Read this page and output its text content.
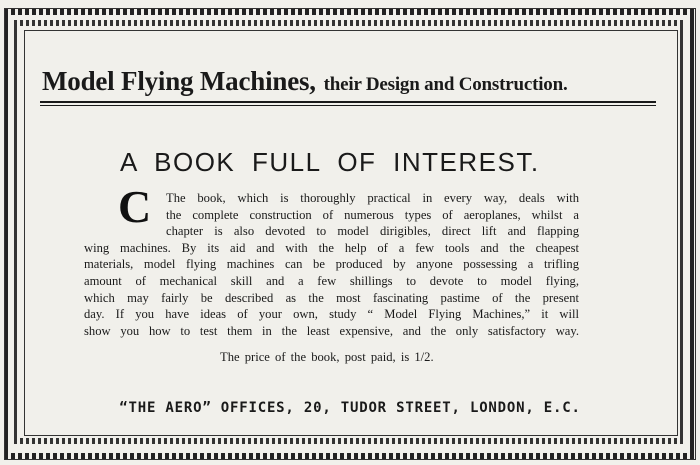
Model Flying Machines, their Design and Construction.
A BOOK FULL OF INTEREST.
C	The book, which is thoroughly practical in every way, deals with
the complete construction of numerous types of aeroplanes, whilst a
chapter is also devoted to model dirigibles, direct lift and flapping
wing machines. By its aid and with the help of a few tools and the cheapest
materials, model flying machines can be produced by anyone possessing a trifling
amount of mechanical skill and a few shillings to devote to model flying,
which may fairly be described as the most fascinating pastime of the present
day. If you have ideas of your own, study “ Model Flying Machines,” it will
show you how to test them in the least expensive, and the only satisfactory way.
The price of the book, post paid, is 1/2.
“THE AERO” OFFICES, 20, TUDOR STREET, LONDON, E.C.
